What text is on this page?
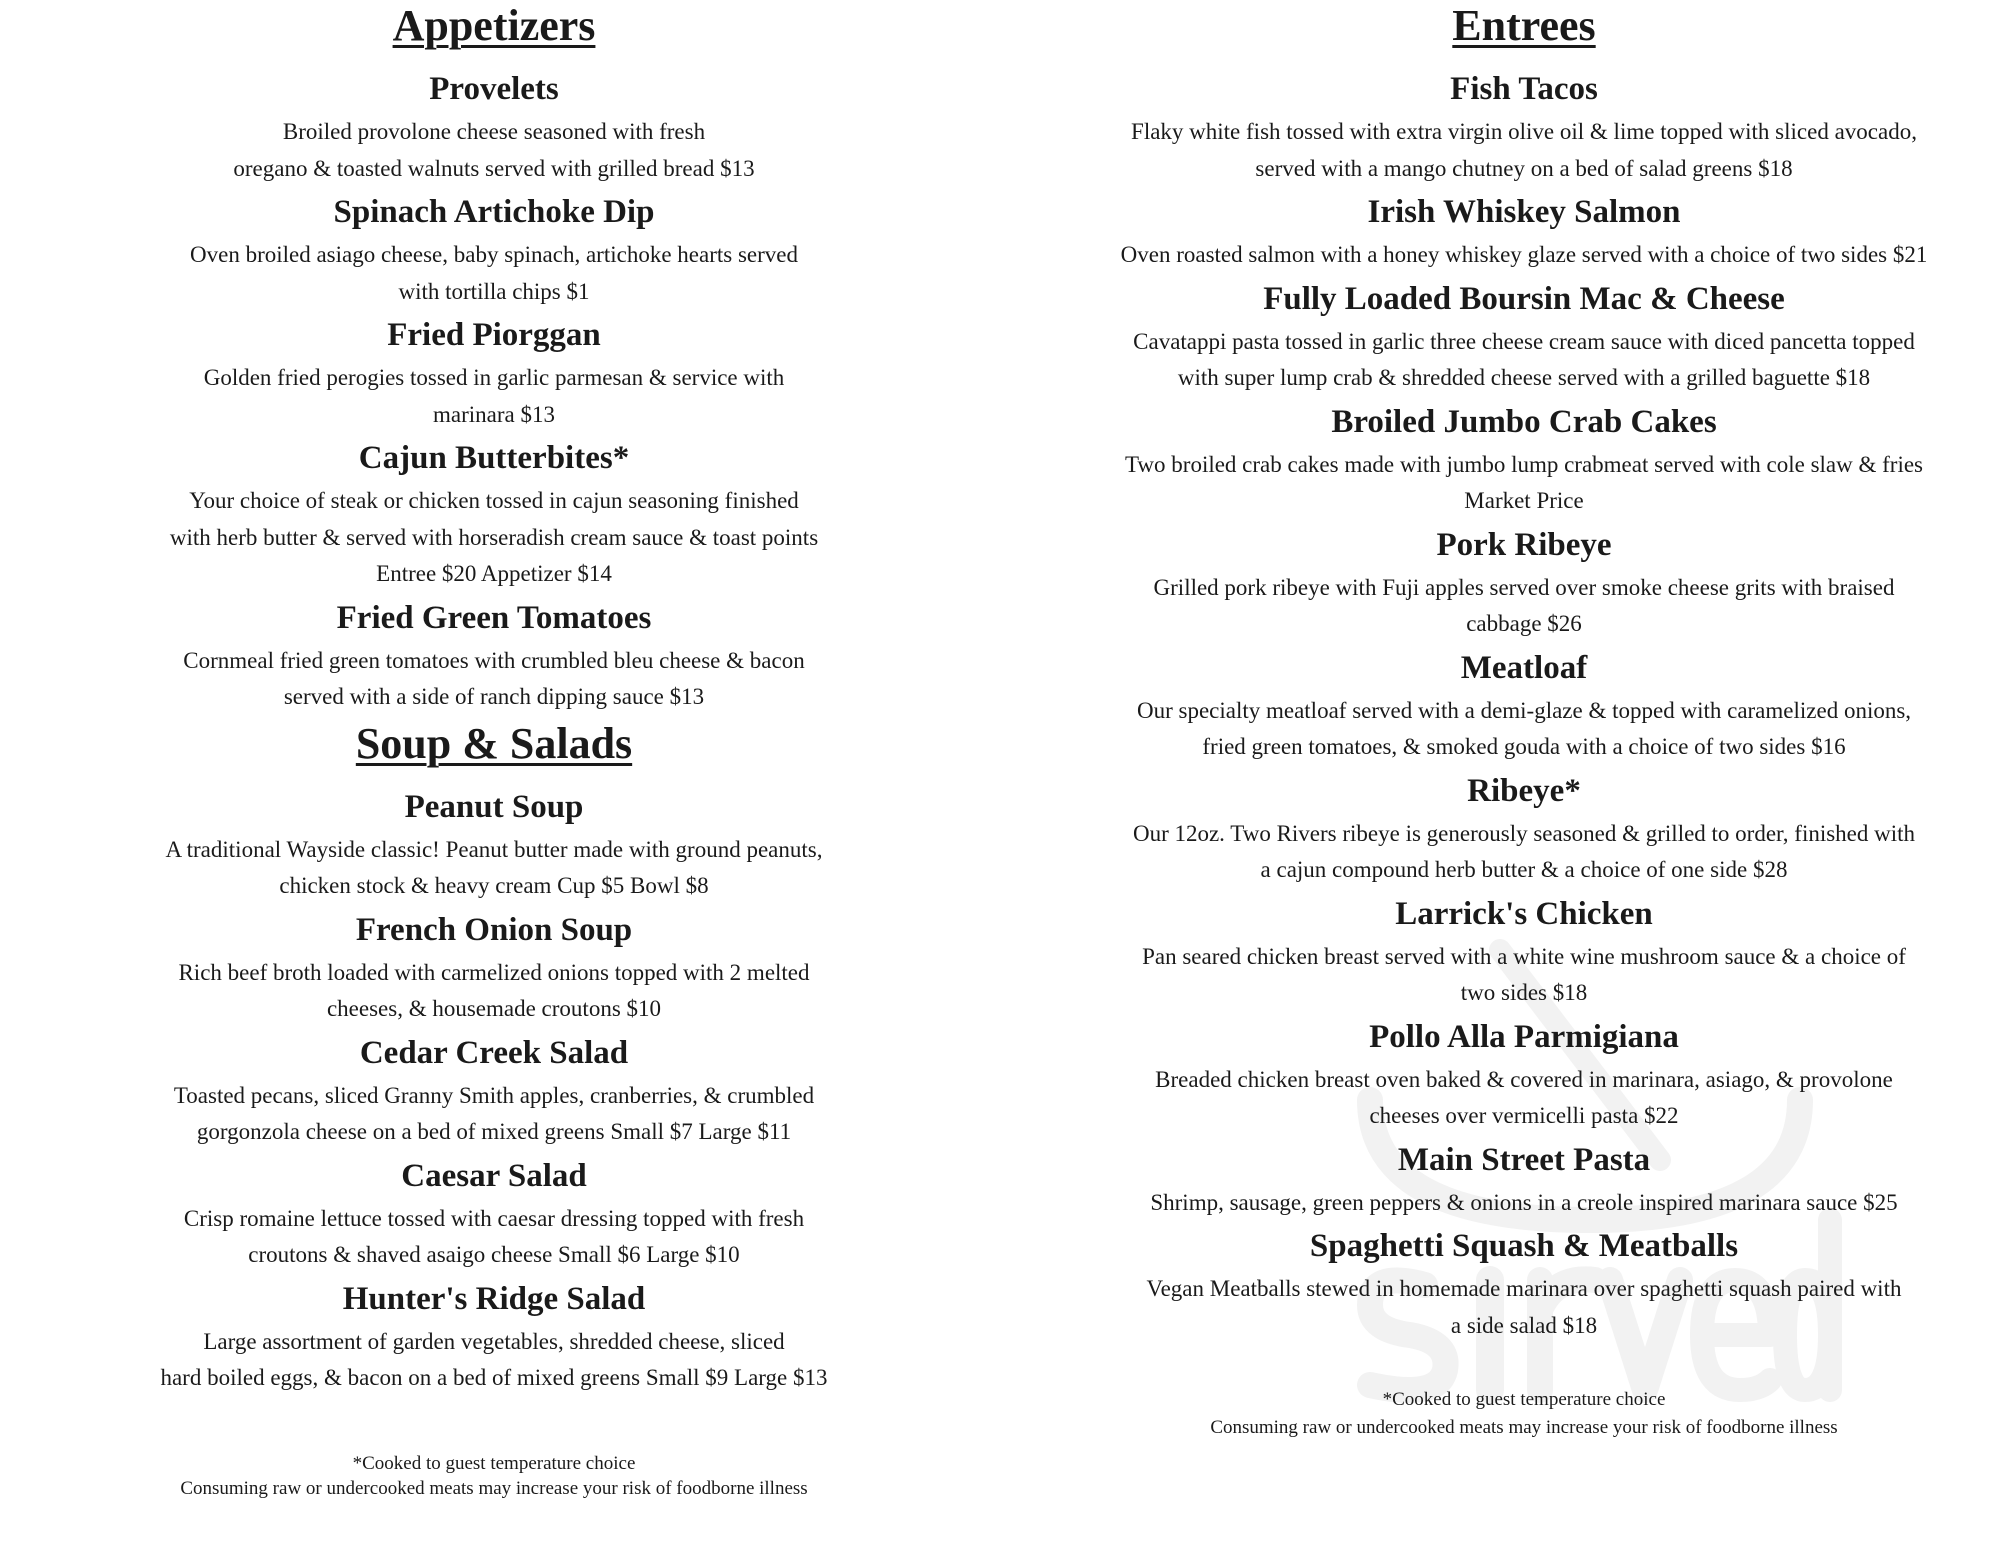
Appetizers
Provelets
Broiled provolone cheese seasoned with fresh
oregano & toasted walnuts served with grilled bread $13
Spinach Artichoke Dip
Oven broiled asiago cheese, baby spinach, artichoke hearts served
with tortilla chips $1
Fried Piorggan
Golden fried perogies tossed in garlic parmesan & service with
marinara $13
Cajun Butterbites*
Your choice of steak or chicken tossed in cajun seasoning finished
with herb butter & served with horseradish cream sauce & toast points
Entree $20 Appetizer $14
Fried Green Tomatoes
Cornmeal fried green tomatoes with crumbled bleu cheese & bacon
served with a side of ranch dipping sauce $13
Soup & Salads
Peanut Soup
A traditional Wayside classic! Peanut butter made with ground peanuts,
chicken stock & heavy cream Cup $5 Bowl $8
French Onion Soup
Rich beef broth loaded with carmelized onions topped with 2 melted
cheeses, & housemade croutons $10
Cedar Creek Salad
Toasted pecans, sliced Granny Smith apples, cranberries, & crumbled
gorgonzola cheese on a bed of mixed greens Small $7 Large $11
Caesar Salad
Crisp romaine lettuce tossed with caesar dressing topped with fresh
croutons & shaved asaigo cheese Small $6 Large $10
Hunter's Ridge Salad
Large assortment of garden vegetables, shredded cheese, sliced
hard boiled eggs, & bacon on a bed of mixed greens Small $9 Large $13
*Cooked to guest temperature choice
Consuming raw or undercooked meats may increase your risk of foodborne illness
Entrees
Fish Tacos
Flaky white fish tossed with extra virgin olive oil & lime topped with sliced avocado,
served with a mango chutney on a bed of salad greens $18
Irish Whiskey Salmon
Oven roasted salmon with a honey whiskey glaze served with a choice of two sides $21
Fully Loaded Boursin Mac & Cheese
Cavatappi pasta tossed in garlic three cheese cream sauce with diced pancetta topped
with super lump crab & shredded cheese served with a grilled baguette $18
Broiled Jumbo Crab Cakes
Two broiled crab cakes made with jumbo lump crabmeat served with cole slaw & fries
Market Price
Pork Ribeye
Grilled pork ribeye with Fuji apples served over smoke cheese grits with braised
cabbage $26
Meatloaf
Our specialty meatloaf served with a demi-glaze & topped with caramelized onions,
fried green tomatoes, & smoked gouda with a choice of two sides $16
Ribeye*
Our 12oz. Two Rivers ribeye is generously seasoned & grilled to order, finished with
a cajun compound herb butter & a choice of one side $28
Larrick's Chicken
Pan seared chicken breast served with a white wine mushroom sauce & a choice of
two sides $18
Pollo Alla Parmigiana
Breaded chicken breast oven baked & covered in marinara, asiago, & provolone
cheeses over vermicelli pasta $22
Main Street Pasta
Shrimp, sausage, green peppers & onions in a creole inspired marinara sauce $25
Spaghetti Squash & Meatballs
Vegan Meatballs stewed in homemade marinara over spaghetti squash paired with
a side salad $18
*Cooked to guest temperature choice
Consuming raw or undercooked meats may increase your risk of foodborne illness
